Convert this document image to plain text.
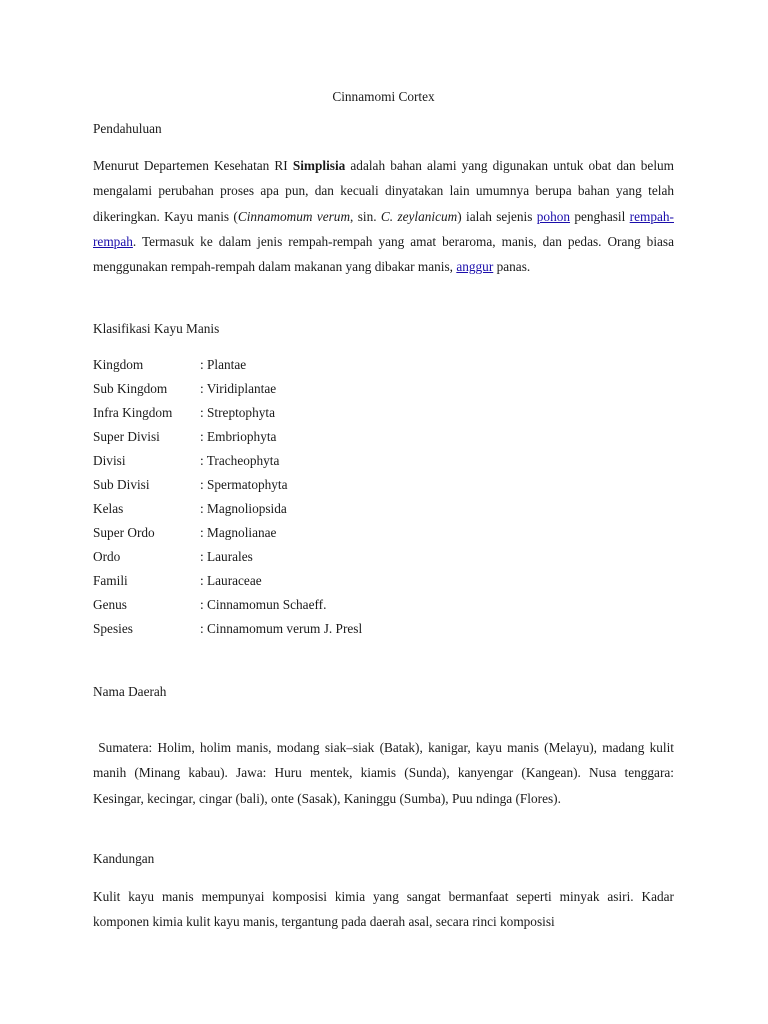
Cinnamomi Cortex
Pendahuluan
Menurut Departemen Kesehatan RI Simplisia adalah bahan alami yang digunakan untuk obat dan belum mengalami perubahan proses apa pun, dan kecuali dinyatakan lain umumnya berupa bahan yang telah dikeringkan. Kayu manis (Cinnamomum verum, sin. C. zeylanicum) ialah sejenis pohon penghasil rempah-rempah. Termasuk ke dalam jenis rempah-rempah yang amat beraroma, manis, dan pedas. Orang biasa menggunakan rempah-rempah dalam makanan yang dibakar manis, anggur panas.
Klasifikasi Kayu Manis
Kingdom	: Plantae
Sub Kingdom	: Viridiplantae
Infra Kingdom	: Streptophyta
Super Divisi	: Embriophyta
Divisi	: Tracheophyta
Sub Divisi	: Spermatophyta
Kelas	: Magnoliopsida
Super Ordo	: Magnolianae
Ordo	: Laurales
Famili	: Lauraceae
Genus	: Cinnamomun Schaeff.
Spesies	: Cinnamomum verum J. Presl
Nama Daerah
Sumatera: Holim, holim manis, modang siak–siak (Batak), kanigar, kayu manis (Melayu), madang kulit manih (Minang kabau). Jawa: Huru mentek, kiamis (Sunda), kanyengar (Kangean). Nusa tenggara: Kesingar, kecingar, cingar (bali), onte (Sasak), Kaninggu (Sumba), Puu ndinga (Flores).
Kandungan
Kulit kayu manis mempunyai komposisi kimia yang sangat bermanfaat seperti minyak asiri. Kadar komponen kimia kulit kayu manis, tergantung pada daerah asal, secara rinci komposisi
